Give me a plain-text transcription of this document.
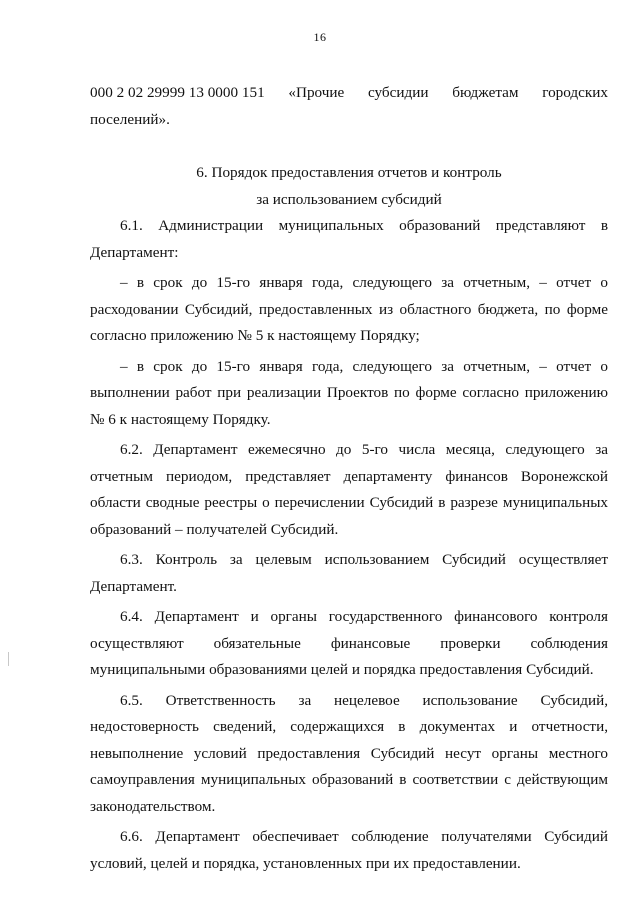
16
000 2 02 29999 13 0000 151 «Прочие субсидии бюджетам городских

поселений».

6. Порядок предоставления отчетов и контроль
за использованием субсидий

6.1. Администрации муниципальных образований представляют в Департамент:

– в срок до 15-го января года, следующего за отчетным, – отчет о расходовании Субсидий, предоставленных из областного бюджета, по форме согласно приложению № 5 к настоящему Порядку;

– в срок до 15-го января года, следующего за отчетным, – отчет о выполнении работ при реализации Проектов по форме согласно приложению № 6 к настоящему Порядку.

6.2. Департамент ежемесячно до 5-го числа месяца, следующего за отчетным периодом, представляет департаменту финансов Воронежской области сводные реестры о перечислении Субсидий в разрезе муниципальных образований – получателей Субсидий.

6.3. Контроль за целевым использованием Субсидий осуществляет Департамент.

6.4. Департамент и органы государственного финансового контроля осуществляют обязательные финансовые проверки соблюдения муниципальными образованиями целей и порядка предоставления Субсидий.

6.5. Ответственность за нецелевое использование Субсидий, недостоверность сведений, содержащихся в документах и отчетности, невыполнение условий предоставления Субсидий несут органы местного самоуправления муниципальных образований в соответствии с действующим законодательством.

6.6. Департамент обеспечивает соблюдение получателями Субсидий условий, целей и порядка, установленных при их предоставлении.
